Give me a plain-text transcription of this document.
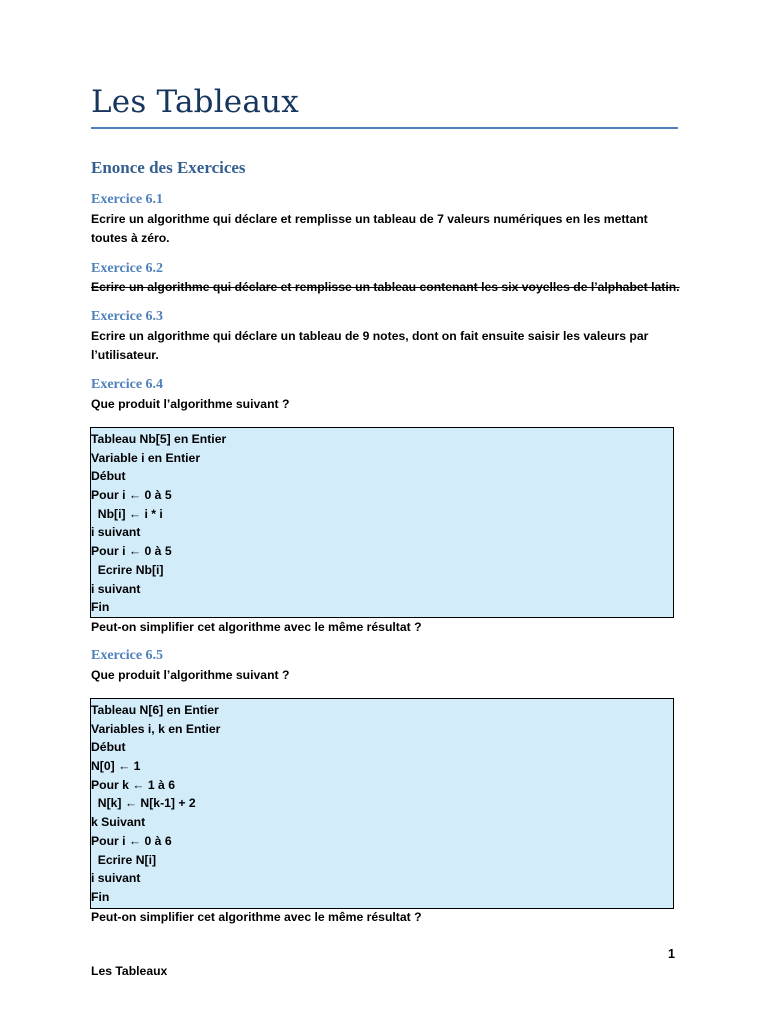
Les Tableaux
Enonce des Exercices
Exercice 6.1
Ecrire un algorithme qui déclare et remplisse un tableau de 7 valeurs numériques en les mettant toutes à zéro.
Exercice 6.2
Ecrire un algorithme qui déclare et remplisse un tableau contenant les six voyelles de l’alphabet latin.
Exercice 6.3
Ecrire un algorithme qui déclare un tableau de 9 notes, dont on fait ensuite saisir les valeurs par l’utilisateur.
Exercice 6.4
Que produit l’algorithme suivant ?
Tableau Nb[5] en Entier
Variable i en Entier
Début
Pour i ← 0 à 5
Nb[i] ← i * i
i suivant
Pour i ← 0 à 5
Ecrire Nb[i]
i suivant
Fin
Peut-on simplifier cet algorithme avec le même résultat ?
Exercice 6.5
Que produit l’algorithme suivant ?
Tableau N[6] en Entier
Variables i, k en Entier
Début
N[0] ← 1
Pour k ← 1 à 6
N[k] ← N[k-1] + 2
k Suivant
Pour i ← 0 à 6
Ecrire N[i]
i suivant
Fin
Peut-on simplifier cet algorithme avec le même résultat ?
1
Les Tableaux
